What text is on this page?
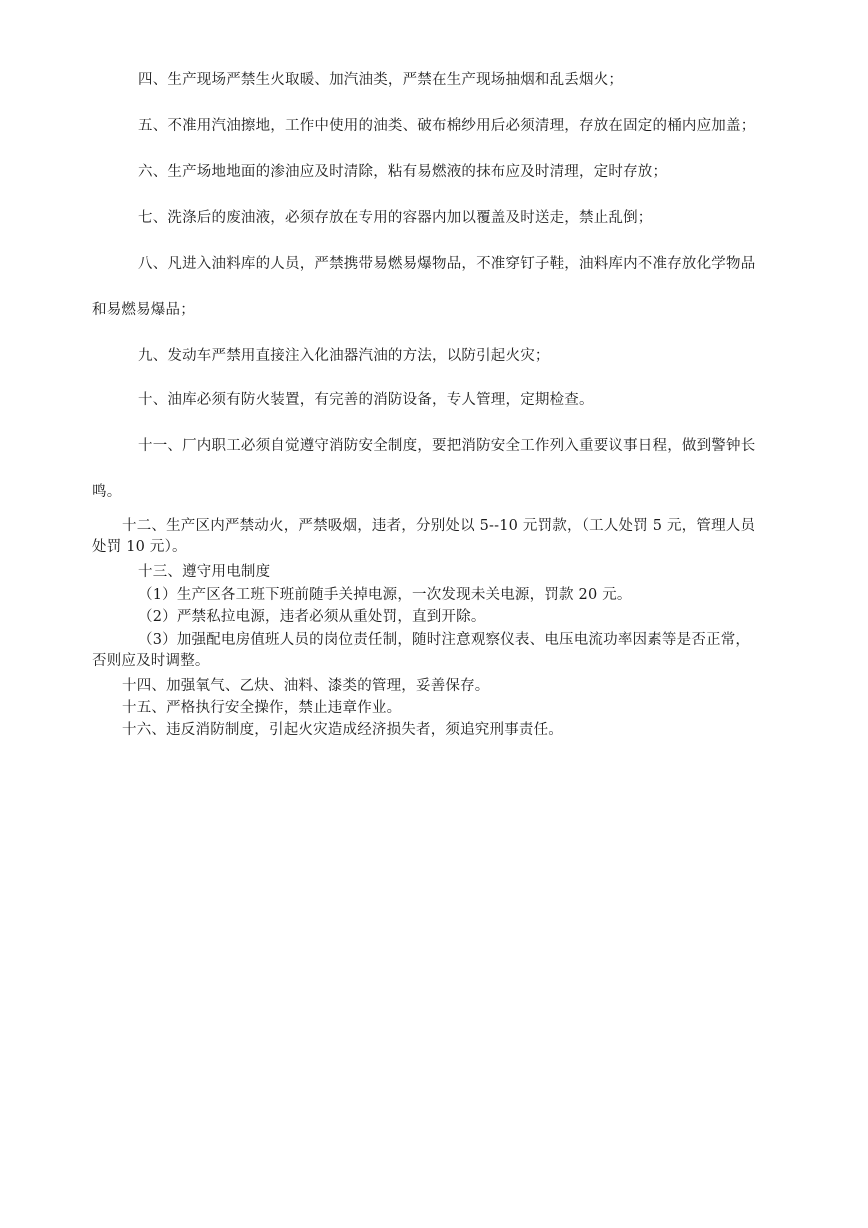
四、生产现场严禁生火取暖、加汽油类，严禁在生产现场抽烟和乱丢烟火；
五、不准用汽油擦地，工作中使用的油类、破布棉纱用后必须清理，存放在固定的桶内应加盖；
六、生产场地地面的渗油应及时清除，粘有易燃液的抹布应及时清理，定时存放；
七、洗涤后的废油液，必须存放在专用的容器内加以覆盖及时送走，禁止乱倒；
八、凡进入油料库的人员，严禁携带易燃易爆物品，不准穿钉子鞋，油料库内不准存放化学物品
和易燃易爆品；
九、发动车严禁用直接注入化油器汽油的方法，以防引起火灾；
十、油库必须有防火装置，有完善的消防设备，专人管理，定期检查。
十一、厂内职工必须自觉遵守消防安全制度，要把消防安全工作列入重要议事日程，做到警钟长
鸣。
十二、生产区内严禁动火，严禁吸烟，违者，分别处以 5--10 元罚款，（工人处罚 5 元，管理人员
处罚 10 元）。
十三、遵守用电制度
（1）生产区各工班下班前随手关掉电源，一次发现未关电源，罚款 20 元。
（2）严禁私拉电源，违者必须从重处罚，直到开除。
（3）加强配电房值班人员的岗位责任制，随时注意观察仪表、电压电流功率因素等是否正常，
否则应及时调整。
十四、加强氧气、乙炔、油料、漆类的管理，妥善保存。
十五、严格执行安全操作，禁止违章作业。
十六、违反消防制度，引起火灾造成经济损失者，须追究刑事责任。
